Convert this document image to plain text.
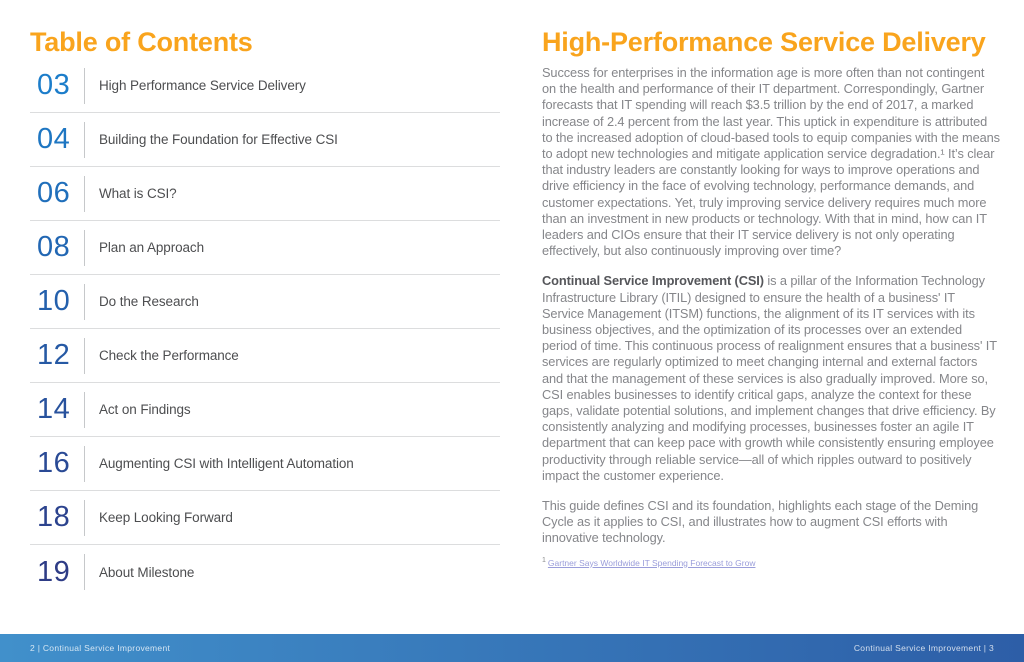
Table of Contents
03	High Performance Service Delivery
04	Building the Foundation for Effective CSI
06	What is CSI?
08	Plan an Approach
10	Do the Research
12	Check the Performance
14	Act on Findings
16	Augmenting CSI with Intelligent Automation
18	Keep Looking Forward
19	About Milestone
High-Performance Service Delivery

Success for enterprises in the information age is more often than not contingent on the health and performance of their IT department. Correspondingly, Gartner forecasts that IT spending will reach $3.5 trillion by the end of 2017, a marked increase of 2.4 percent from the last year. This uptick in expenditure is attributed to the increased adoption of cloud-based tools to equip companies with the means to adopt new technologies and mitigate application service degradation.¹ It’s clear that industry leaders are constantly looking for ways to improve operations and drive efficiency in the face of evolving technology, performance demands, and customer expectations. Yet, truly improving service delivery requires much more than an investment in new products or technology. With that in mind, how can IT leaders and CIOs ensure that their IT service delivery is not only operating effectively, but also continuously improving over time?

Continual Service Improvement (CSI) is a pillar of the Information Technology Infrastructure Library (ITIL) designed to ensure the health of a business' IT Service Management (ITSM) functions, the alignment of its IT services with its business objectives, and the optimization of its processes over an extended period of time. This continuous process of realignment ensures that a business' IT services are regularly optimized to meet changing internal and external factors and that the management of these services is also gradually improved. More so, CSI enables businesses to identify critical gaps, analyze the context for these gaps, validate potential solutions, and implement changes that drive efficiency. By consistently analyzing and modifying processes, businesses foster an agile IT department that can keep pace with growth while consistently ensuring employee productivity through reliable service—all of which ripples outward to positively impact the customer experience.

This guide defines CSI and its foundation, highlights each stage of the Deming Cycle as it applies to CSI, and illustrates how to augment CSI efforts with innovative technology.

$^1$ Gartner Says Worldwide IT Spending Forecast to Grow
2 | Continual Service Improvement	Continual Service Improvement | 3
